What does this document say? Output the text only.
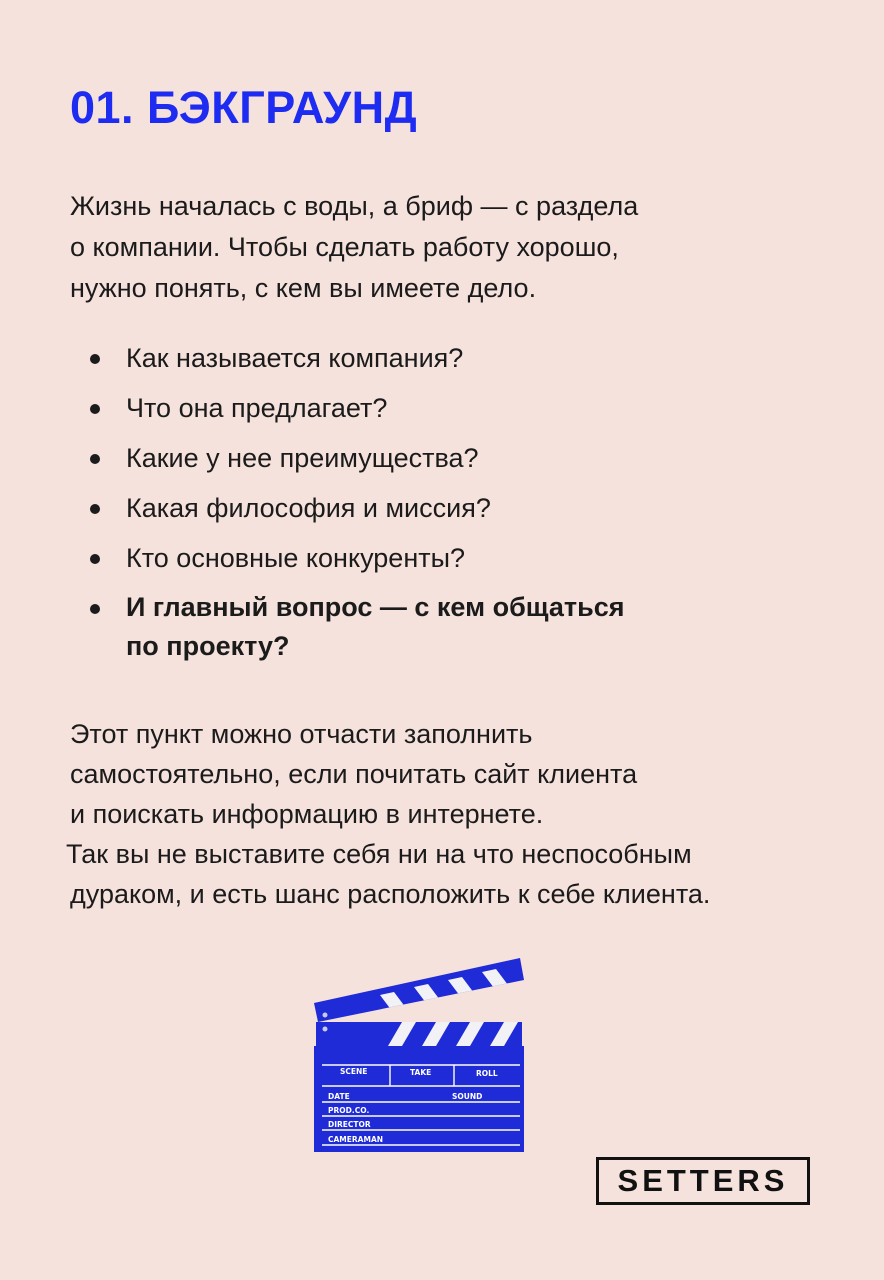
01. БЭКГРАУНД

Жизнь началась с воды, а бриф — с раздела
о компании. Чтобы сделать работу хорошо,
нужно понять, с кем вы имеете дело.

Как называется компания?
Что она предлагает?
Какие у нее преимущества?
Какая философия и миссия?
Кто основные конкуренты?
И главный вопрос — с кем общаться
по проекту?

Этот пункт можно отчасти заполнить
самостоятельно, если почитать сайт клиента
и поискать информацию в интернете.
Так вы не выставите себя ни на что неспособным
дураком, и есть шанс расположить к себе клиента.

SCENE	TAKE	ROLL
DATE	SOUND
PROD.CO.
DIRECTOR
CAMERAMAN
SETTERS
